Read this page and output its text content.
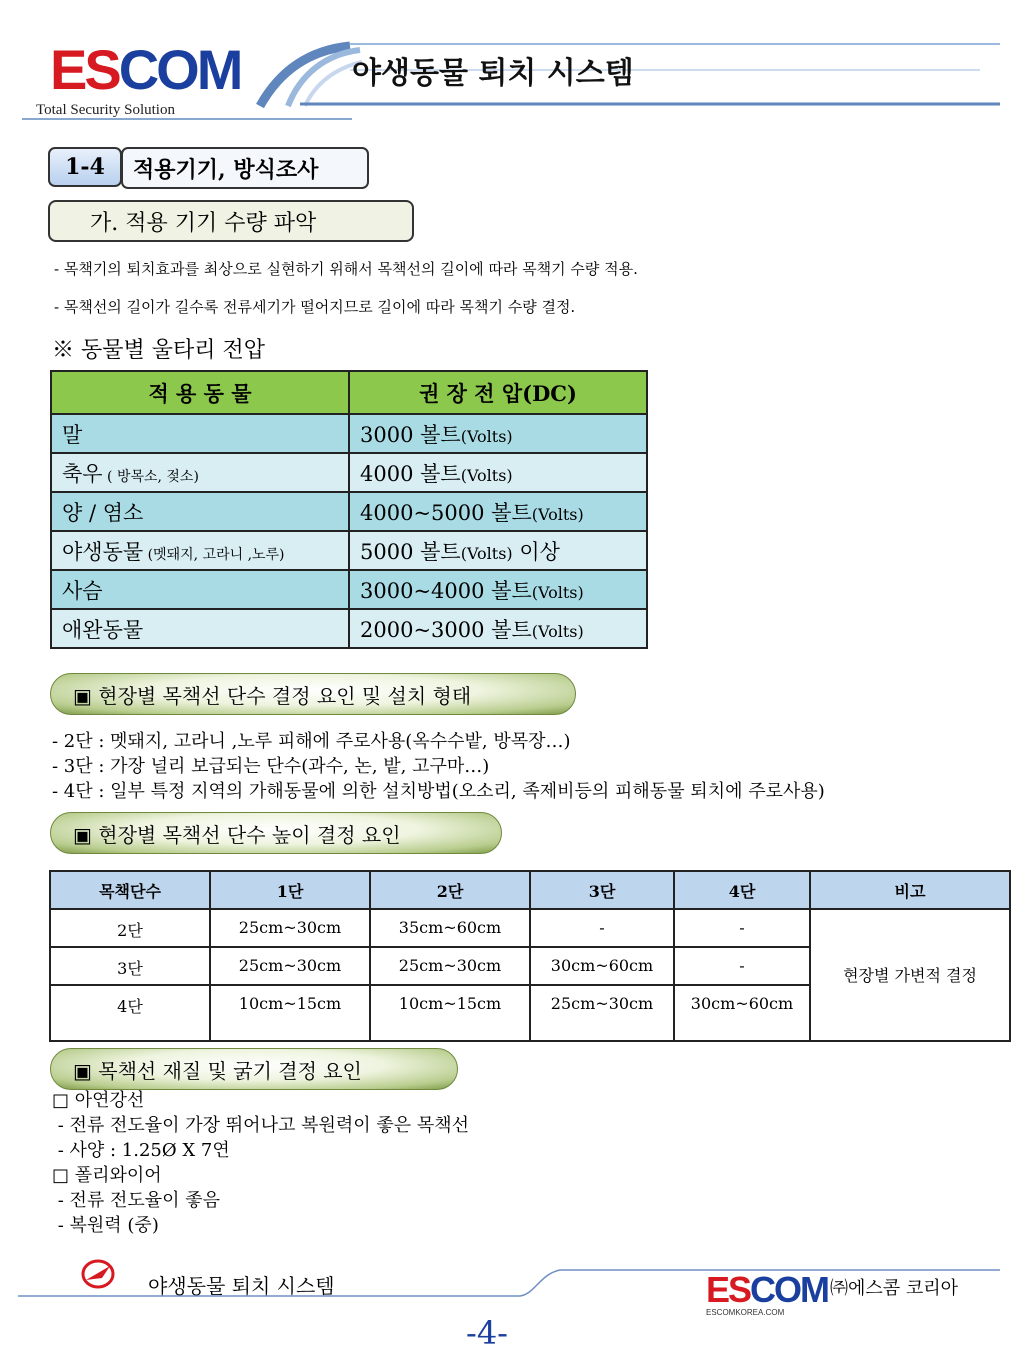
ESCOM
Total Security Solution
야생동물 퇴치 시스템
1-4	적용기기, 방식조사
가. 적용 기기 수량 파악
- 목책기의 퇴치효과를 최상으로 실현하기 위해서 목책선의 길이에 따라 목책기 수량 적용.
- 목책선의 길이가 길수록 전류세기가 떨어지므로 길이에 따라 목책기 수량 결정.
※ 동물별 울타리 전압
적 용 동 물	권 장 전 압(DC)
말	3000 볼트(Volts)
축우 ( 방목소, 젖소)	4000 볼트(Volts)
양 / 염소	4000~5000 볼트(Volts)
야생동물 (멧돼지, 고라니 ,노루)	5000 볼트(Volts) 이상
사슴	3000~4000 볼트(Volts)
애완동물	2000~3000 볼트(Volts)
▣ 현장별 목책선 단수 결정 요인 및 설치 형태
- 2단 : 멧돼지, 고라니 ,노루 피해에 주로사용(옥수수밭, 방목장…)
- 3단 : 가장 널리 보급되는 단수(과수, 논, 밭, 고구마…)
- 4단 : 일부 특정 지역의 가해동물에 의한 설치방법(오소리, 족제비등의 피해동물 퇴치에 주로사용)
▣ 현장별 목책선 단수 높이 결정 요인
목책단수	1단	2단	3단	4단	비고
2단	25cm~30cm	35cm~60cm	-	-	현장별 가변적 결정
3단	25cm~30cm	25cm~30cm	30cm~60cm	-	
4단	10cm~15cm	10cm~15cm	25cm~30cm	30cm~60cm	
▣ 목책선 재질 및 굵기 결정 요인
□ 아연강선
- 전류 전도율이 가장 뛰어나고 복원력이 좋은 목책선
- 사양 : 1.25Ø X 7연
□ 폴리와이어
- 전류 전도율이 좋음
- 복원력 (중)
야생동물 퇴치 시스템	ESCOM
ESCOMKOREA.COM
㈜에스콤 코리아
-4-
